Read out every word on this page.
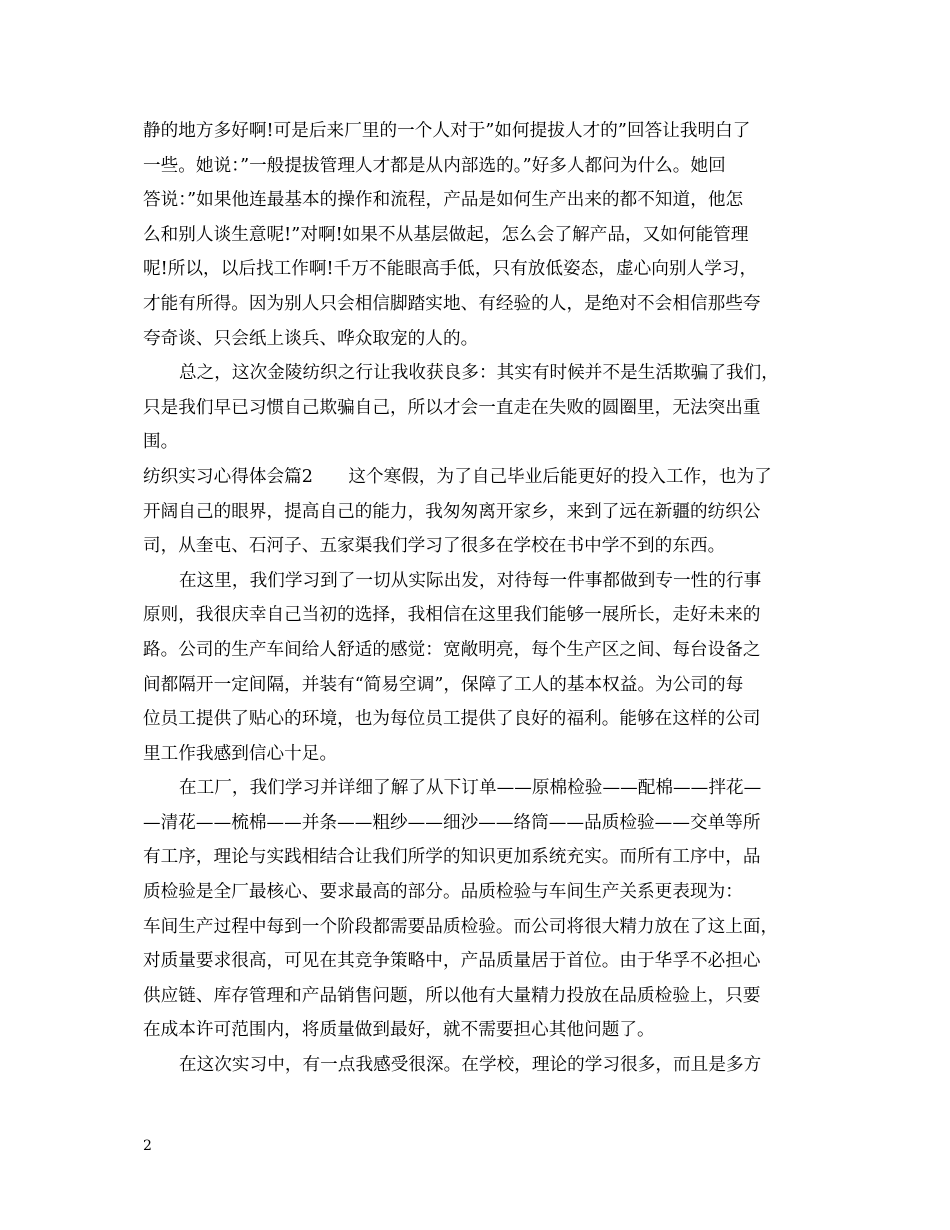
静的地方多好啊!可是后来厂里的一个人对于”如何提拔人才的”回答让我明白了
一些。她说：”一般提拔管理人才都是从内部选的。”好多人都问为什么。她回
答说：”如果他连最基本的操作和流程，产品是如何生产出来的都不知道，他怎
么和别人谈生意呢!”对啊!如果不从基层做起，怎么会了解产品，又如何能管理
呢!所以，以后找工作啊!千万不能眼高手低，只有放低姿态，虚心向别人学习，
才能有所得。因为别人只会相信脚踏实地、有经验的人，是绝对不会相信那些夸
夸奇谈、只会纸上谈兵、哗众取宠的人的。
总之，这次金陵纺织之行让我收获良多：其实有时候并不是生活欺骗了我们，
只是我们早已习惯自己欺骗自己，所以才会一直走在失败的圆圈里，无法突出重
围。
纺织实习心得体会篇2　　这个寒假，为了自己毕业后能更好的投入工作，也为了
开阔自己的眼界，提高自己的能力，我匆匆离开家乡，来到了远在新疆的纺织公
司，从奎屯、石河子、五家渠我们学习了很多在学校在书中学不到的东西。
在这里，我们学习到了一切从实际出发，对待每一件事都做到专一性的行事
原则，我很庆幸自己当初的选择，我相信在这里我们能够一展所长，走好未来的
路。公司的生产车间给人舒适的感觉：宽敞明亮，每个生产区之间、每台设备之
间都隔开一定间隔，并装有“简易空调”，保障了工人的基本权益。为公司的每
位员工提供了贴心的环境，也为每位员工提供了良好的福利。能够在这样的公司
里工作我感到信心十足。
在工厂，我们学习并详细了解了从下订单——原棉检验——配棉——拌花—
—清花——梳棉——并条——粗纱——细沙——络筒——品质检验——交单等所
有工序，理论与实践相结合让我们所学的知识更加系统充实。而所有工序中，品
质检验是全厂最核心、要求最高的部分。品质检验与车间生产关系更表现为：
车间生产过程中每到一个阶段都需要品质检验。而公司将很大精力放在了这上面，
对质量要求很高，可见在其竞争策略中，产品质量居于首位。由于华孚不必担心
供应链、库存管理和产品销售问题，所以他有大量精力投放在品质检验上，只要
在成本许可范围内，将质量做到最好，就不需要担心其他问题了。
在这次实习中，有一点我感受很深。在学校，理论的学习很多，而且是多方
2
